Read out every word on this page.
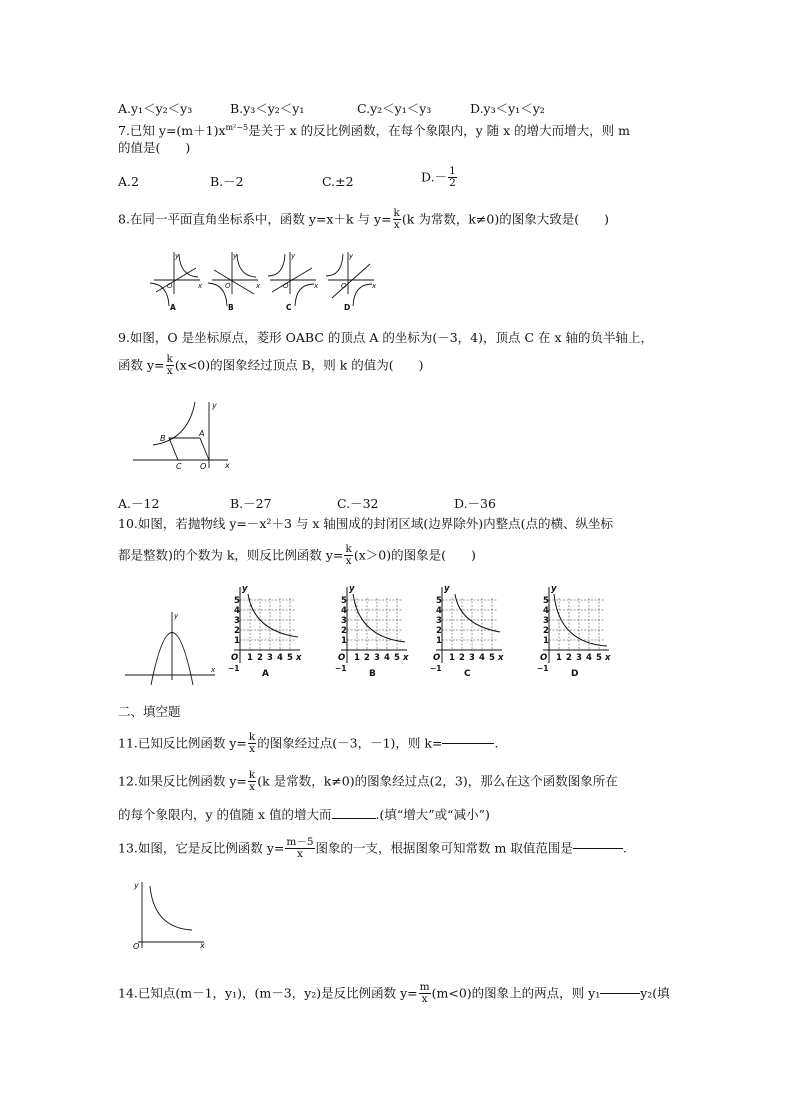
A.y₁＜y₂＜y₃	B.y₃＜y₂＜y₁	C.y₂＜y₁＜y₃	D.y₃＜y₁＜y₂
7.已知 $y=(m+1)x^{m^2-5}$是关于 x 的反比例函数，在每个象限内，y 随 x 的增大而增大，则 m
的值是(　　)
A.2	B.－2	C.±2	$D.- \frac{1}{2}$
8.在同一平面直角坐标系中，函数 y=x＋k 与 $y= \frac{k}{x} (k$ 为常数，k≠0)的图象大致是(　　)
y	y	y	y
x	x	x	x
O	O	O	O
A	B	C	D
9.如图，O 是坐标原点，菱形 OABC 的顶点 A 的坐标为(－3，4)，顶点 C 在 x 轴的负半轴上，
函数 $y= \frac{k}{x} (x<0)$的图象经过顶点 B，则 k 的值为(　　)
B
A
C O
y
x
A.－12	B.－27	C.－32	D.－36
10.如图，若抛物线 y=－x²＋3 与 x 轴围成的封闭区域(边界除外)内整点(点的横、纵坐标
都是整数)的个数为 k，则反比例函数 $y= \frac{k}{x} (x>0)$的图象是(　　)
y
x
5
4
3
2
1
1 2 3 4 5
O
−1
x
y
A
5
4
3
2
1
1 2 3 4 5
O
−1
x
y
B
5
4
3
2
1
1 2 3 4 5
O
−1
x
y
C
5
4
3
2
1
1 2 3 4 5
O
−1
x
y
D
二、填空题
11.已知反比例函数 $y= \frac{k}{x}$ 的图象经过点(－3，－1)，则 k=	.
12.如果反比例函数 $y= \frac{k}{x} (k$ 是常数，k≠0)的图象经过点(2，3)，那么在这个函数图象所在
的每个象限内，y 的值随 x 值的增大而	.(填“增大”或“减小”)
13.如图，它是反比例函数 $y= \frac{m-5}{x}$ 图象的一支，根据图象可知常数 m 取值范围是	.
y
x
O
14.已知点(m－1，y₁)，(m－3，y₂)是反比例函数 $y= \frac{m}{x} (m<0)$的图象上的两点，则 y₁	y₂(填
